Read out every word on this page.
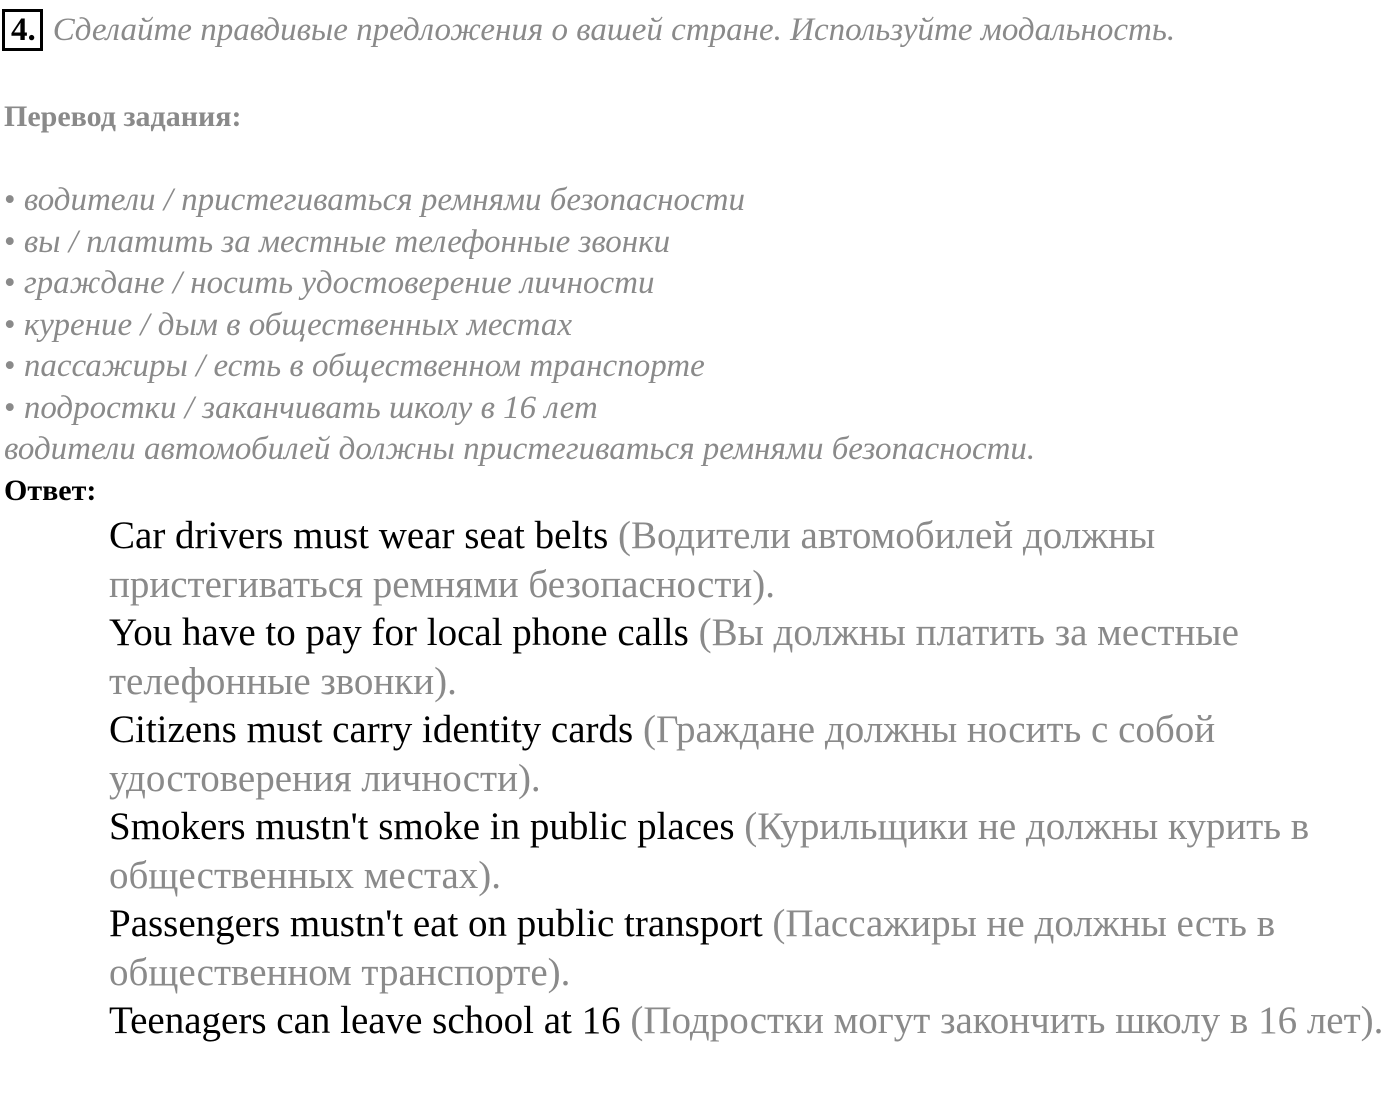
4. Сделайте правдивые предложения о вашей стране. Используйте модальность.
Перевод задания:
• водители / пристегиваться ремнями безопасности
• вы / платить за местные телефонные звонки
• граждане / носить удостоверение личности
• курение / дым в общественных местах
• пассажиры / есть в общественном транспорте
• подростки / заканчивать школу в 16 лет
водители автомобилей должны пристегиваться ремнями безопасности.
Ответ:
Car drivers must wear seat belts (Водители автомобилей должны пристегиваться ремнями безопасности).
You have to pay for local phone calls (Вы должны платить за местные телефонные звонки).
Citizens must carry identity cards (Граждане должны носить с собой удостоверения личности).
Smokers mustn't smoke in public places (Курильщики не должны курить в общественных местах).
Passengers mustn't eat on public transport (Пассажиры не должны есть в общественном транспорте).
Teenagers can leave school at 16 (Подростки могут закончить школу в 16 лет).
